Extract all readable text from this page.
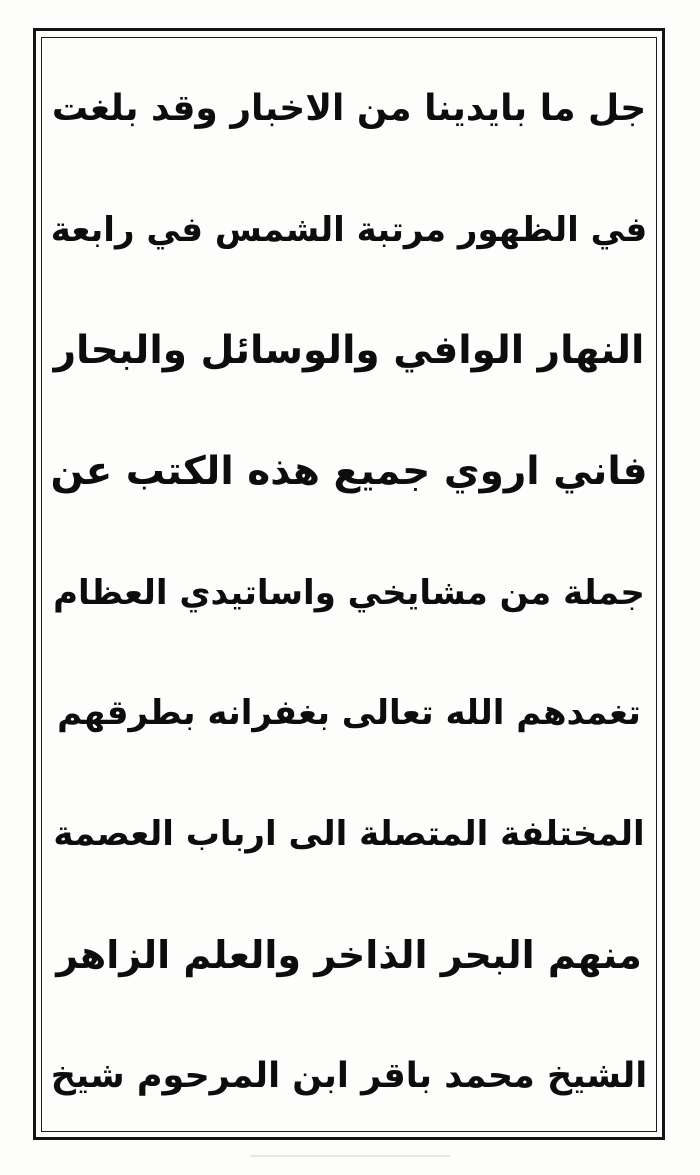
جل ما بايدينا من الاخبار وقد بلغت
في الظهور مرتبة الشمس في رابعة
النهار الوافي والوسائل والبحار
فاني اروي جميع هذه الكتب عن
جملة من مشايخي واساتيدي العظام
تغمدهم الله تعالى بغفرانه بطرقهم
المختلفة المتصلة الى ارباب العصمة
منهم البحر الذاخر والعلم الزاهر
الشيخ محمد باقر ابن المرحوم شيخ
